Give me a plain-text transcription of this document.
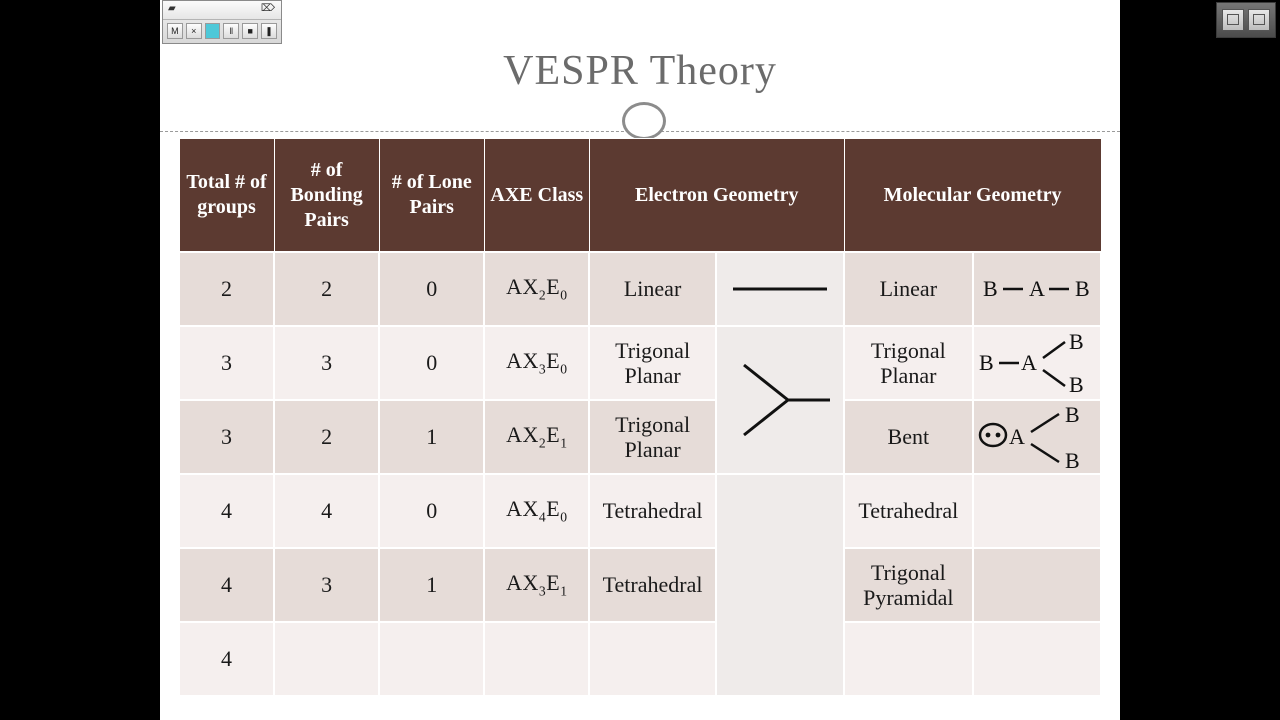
VESPR Theory
Total # of groups	# of Bonding Pairs	# of Lone Pairs	AXE Class	Electron Geometry		Molecular Geometry	
2	2	0	$AX_2E_0$	Linear		Linear	B A B

3	3	0	$AX_3E_0$	Trigonal Planar		Trigonal Planar	B A
B
B

3	2	1	$AX_2E_1$	Trigonal Planar		Bent	A
B
B

4	4	0	$AX_4E_0$	Tetrahedral		Tetrahedral	
4	3	1	$AX_3E_1$	Tetrahedral		Trigonal Pyramidal	
4							
▰	⌦
M	×	‖	■	❚
